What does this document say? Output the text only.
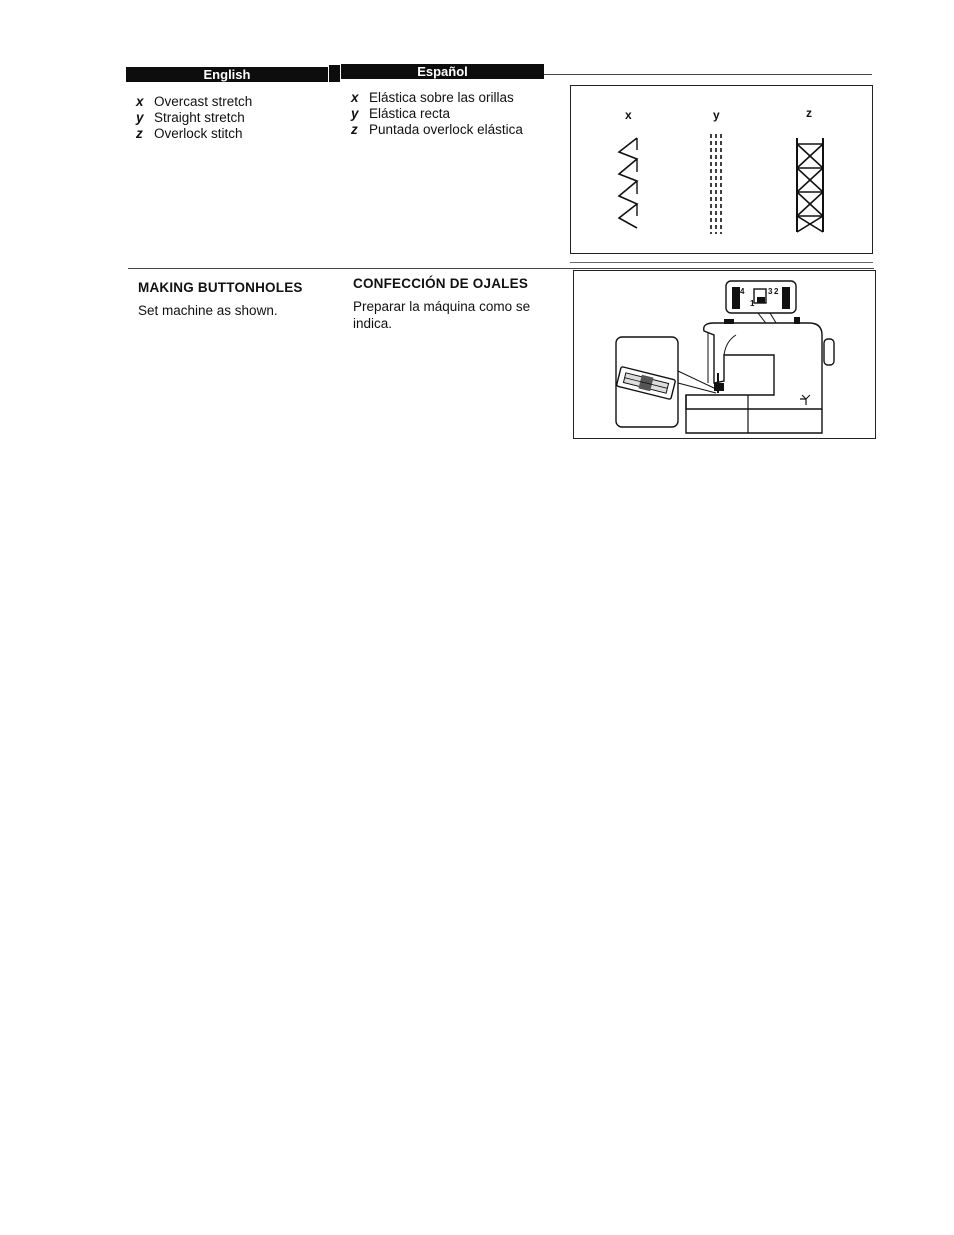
English	Español
x Overcast stretch
y Straight stretch
z Overlock stitch
x Elástica sobre las orillas
y Elástica recta
z Puntada overlock elástica
x	y	z
MAKING BUTTONHOLES
Set machine as shown.
CONFECCIÓN DE OJALES
Preparar la máquina como se indica.
4
1
3 2
